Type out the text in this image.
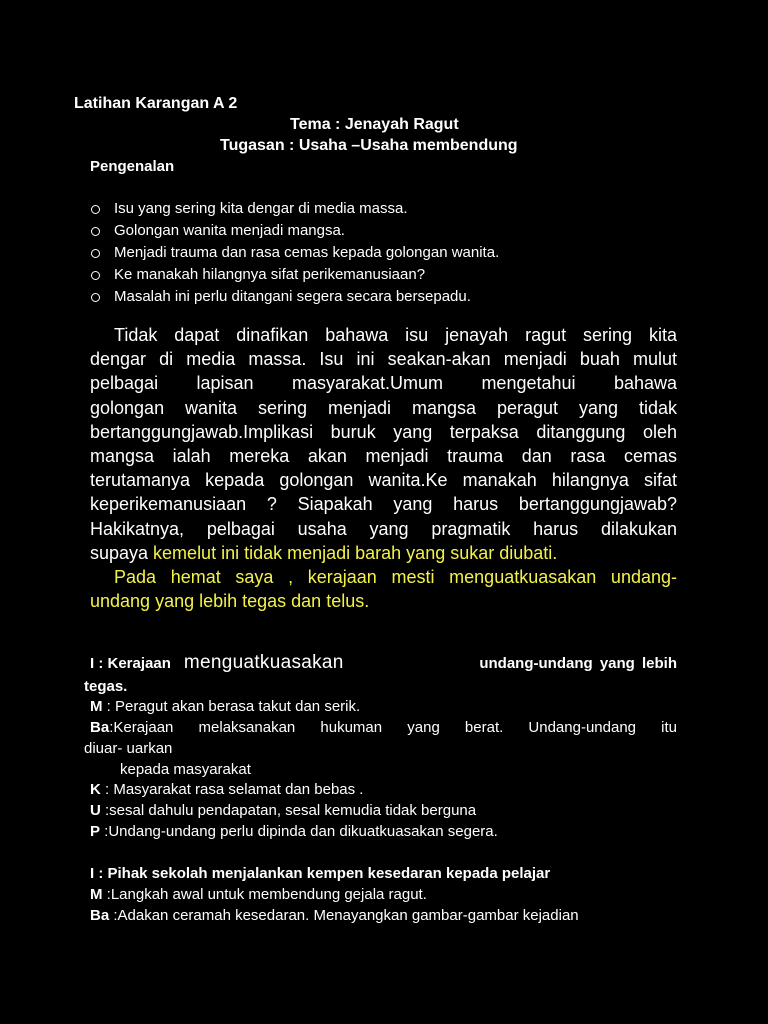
Latihan Karangan A 2
Tema : Jenayah Ragut
Tugasan : Usaha –Usaha membendung
Pengenalan
Isu yang sering kita dengar di media massa.
Golongan wanita menjadi mangsa.
Menjadi trauma dan rasa cemas kepada golongan wanita.
Ke manakah hilangnya sifat perikemanusiaan?
Masalah ini perlu ditangani segera secara bersepadu.
Tidak dapat dinafikan bahawa isu jenayah ragut sering kita
dengar di media massa. Isu ini seakan-akan menjadi buah mulut
pelbagai lapisan masyarakat.Umum mengetahui bahawa
golongan wanita sering menjadi mangsa peragut yang tidak
bertanggungjawab.Implikasi buruk yang terpaksa ditanggung oleh
mangsa ialah mereka akan menjadi trauma dan rasa cemas
terutamanya kepada golongan wanita.Ke manakah hilangnya sifat
keperikemanusiaan ? Siapakah yang harus bertanggungjawab?
Hakikatnya, pelbagai usaha yang pragmatik harus dilakukan
supaya kemelut ini tidak menjadi barah yang sukar diubati.
Pada hemat saya , kerajaan mesti menguatkuasakan undang-
undang yang lebih tegas dan telus.
I : Kerajaan menguatkuasakan	undang-undang yang lebih
tegas.
M : Peragut akan berasa takut dan serik.
Ba :Kerajaan melaksanakan hukuman yang berat. Undang-undang itu
diuar- uarkan
kepada masyarakat
K : Masyarakat rasa selamat dan bebas .
U :sesal dahulu pendapatan, sesal kemudia tidak berguna
P :Undang-undang perlu dipinda dan dikuatkuasakan segera.
I : Pihak sekolah menjalankan kempen kesedaran kepada pelajar
M :Langkah awal untuk membendung gejala ragut.
Ba :Adakan ceramah kesedaran. Menayangkan gambar-gambar kejadian
